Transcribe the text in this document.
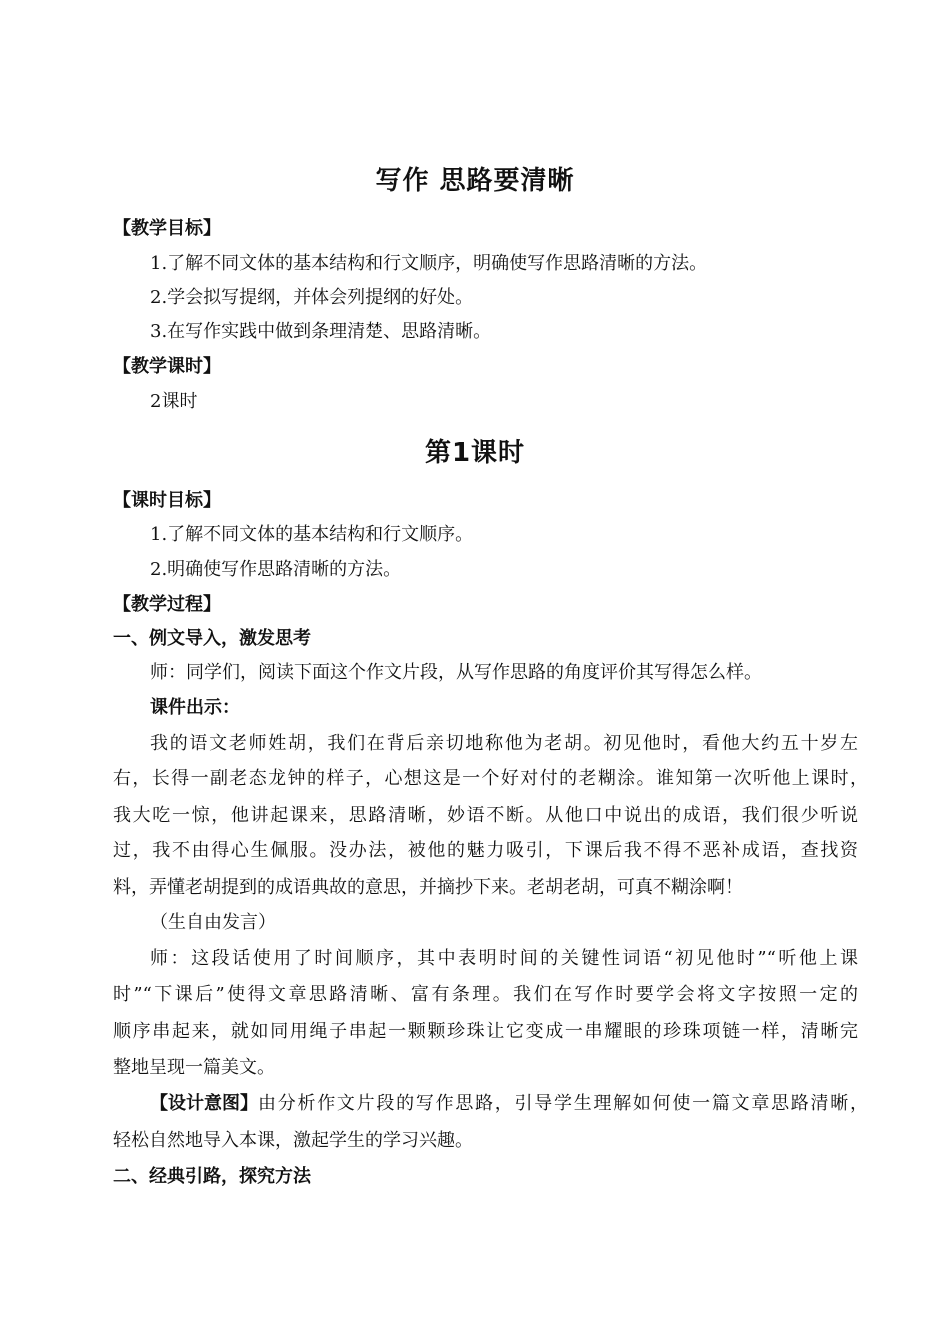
写作 思路要清晰
【教学目标】
1.了解不同文体的基本结构和行文顺序，明确使写作思路清晰的方法。
2.学会拟写提纲，并体会列提纲的好处。
3.在写作实践中做到条理清楚、思路清晰。
【教学课时】
2课时
第1课时
【课时目标】
1.了解不同文体的基本结构和行文顺序。
2.明确使写作思路清晰的方法。
【教学过程】
一、例文导入，激发思考
师：同学们，阅读下面这个作文片段，从写作思路的角度评价其写得怎么样。
课件出示：
我的语文老师姓胡，我们在背后亲切地称他为老胡。初见他时，看他大约五十岁左
右，长得一副老态龙钟的样子，心想这是一个好对付的老糊涂。谁知第一次听他上课时，
我大吃一惊，他讲起课来，思路清晰，妙语不断。从他口中说出的成语，我们很少听说
过，我不由得心生佩服。没办法，被他的魅力吸引，下课后我不得不恶补成语，查找资
料，弄懂老胡提到的成语典故的意思，并摘抄下来。老胡老胡，可真不糊涂啊！
（生自由发言）
师：这段话使用了时间顺序，其中表明时间的关键性词语“初见他时”“听他上课
时”“下课后”使得文章思路清晰、富有条理。我们在写作时要学会将文字按照一定的
顺序串起来，就如同用绳子串起一颗颗珍珠让它变成一串耀眼的珍珠项链一样，清晰完
整地呈现一篇美文。
【设计意图】 由分析作文片段的写作思路，引导学生理解如何使一篇文章思路清晰，
轻松自然地导入本课，激起学生的学习兴趣。
二、经典引路，探究方法
